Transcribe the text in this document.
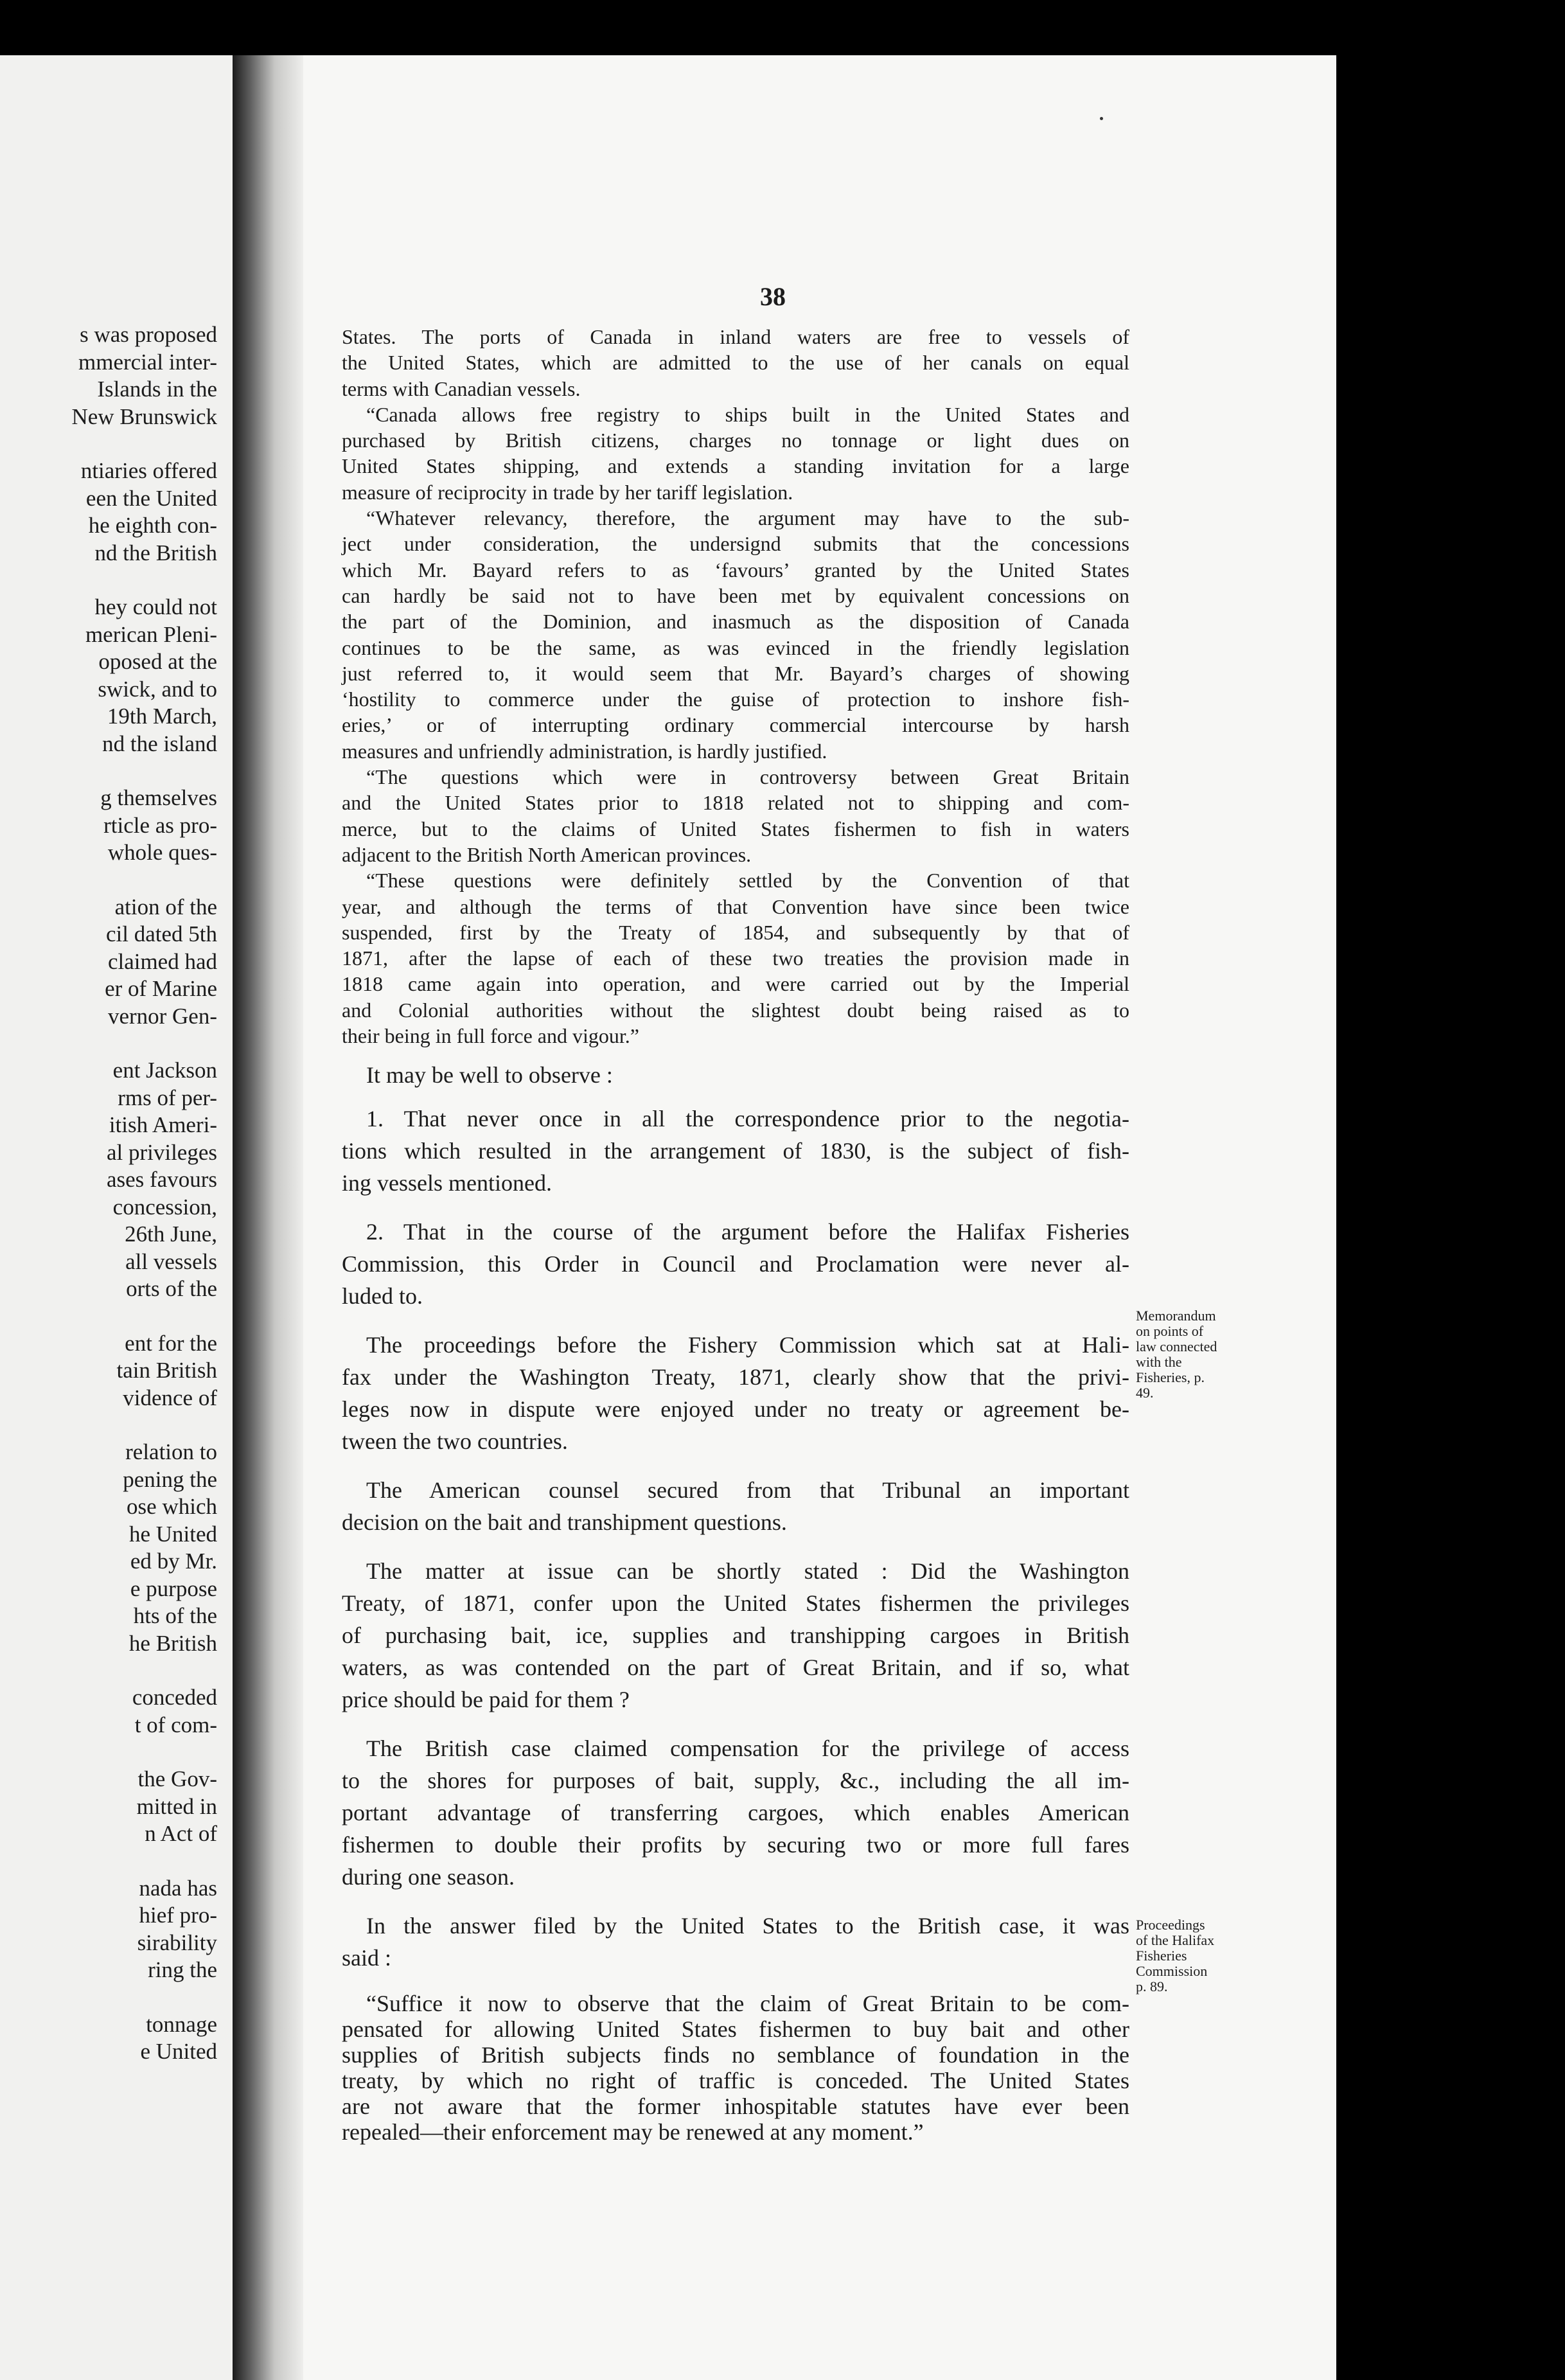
s was proposed
mmercial inter-
Islands in the
New Brunswick
ntiaries offered
een the United
he eighth con-
nd the British
hey could not
merican Pleni-
oposed at the
swick, and to
19th March,
nd the island
g themselves
rticle as pro-
whole ques-
ation of the
cil dated 5th
claimed had
er of Marine
vernor Gen-
ent Jackson
rms of per-
itish Ameri-
al privileges
ases favours
concession,
26th June,
all vessels
orts of the
ent for the
tain British
vidence of
relation to
pening the
ose which
he United
ed by Mr.
e purpose
hts of the
he British
conceded
t of com-
the Gov-
mitted in
n Act of
nada has
hief pro-
sirability
ring the
tonnage
e United
38

States. The ports of Canada in inland waters are free to vessels of
the United States, which are admitted to the use of her canals on equal
terms with Canadian vessels.

“Canada allows free registry to ships built in the United States and
purchased by British citizens, charges no tonnage or light dues on
United States shipping, and extends a standing invitation for a large
measure of reciprocity in trade by her tariff legislation.

“Whatever relevancy, therefore, the argument may have to the sub-
ject under consideration, the undersignd submits that the concessions
which Mr. Bayard refers to as ‘favours’ granted by the United States
can hardly be said not to have been met by equivalent concessions on
the part of the Dominion, and inasmuch as the disposition of Canada
continues to be the same, as was evinced in the friendly legislation
just referred to, it would seem that Mr. Bayard’s charges of showing
‘hostility to commerce under the guise of protection to inshore fish-
eries,’ or of interrupting ordinary commercial intercourse by harsh
measures and unfriendly administration, is hardly justified.

“The questions which were in controversy between Great Britain
and the United States prior to 1818 related not to shipping and com-
merce, but to the claims of United States fishermen to fish in waters
adjacent to the British North American provinces.

“These questions were definitely settled by the Convention of that
year, and although the terms of that Convention have since been twice
suspended, first by the Treaty of 1854, and subsequently by that of
1871, after the lapse of each of these two treaties the provision made in
1818 came again into operation, and were carried out by the Imperial
and Colonial authorities without the slightest doubt being raised as to
their being in full force and vigour.”

It may be well to observe :

1. That never once in all the correspondence prior to the negotia-
tions which resulted in the arrangement of 1830, is the subject of fish-
ing vessels mentioned.

2. That in the course of the argument before the Halifax Fisheries
Commission, this Order in Council and Proclamation were never al-
luded to.

The proceedings before the Fishery Commission which sat at Hali-
fax under the Washington Treaty, 1871, clearly show that the privi-
leges now in dispute were enjoyed under no treaty or agreement be-
tween the two countries.

The American counsel secured from that Tribunal an important
decision on the bait and transhipment questions.

The matter at issue can be shortly stated : Did the Washington
Treaty, of 1871, confer upon the United States fishermen the privileges
of purchasing bait, ice, supplies and transhipping cargoes in British
waters, as was contended on the part of Great Britain, and if so, what
price should be paid for them ?

The British case claimed compensation for the privilege of access
to the shores for purposes of bait, supply, &c., including the all im-
portant advantage of transferring cargoes, which enables American
fishermen to double their profits by securing two or more full fares
during one season.

In the answer filed by the United States to the British case, it was
said :

“Suffice it now to observe that the claim of Great Britain to be com-
pensated for allowing United States fishermen to buy bait and other
supplies of British subjects finds no semblance of foundation in the
treaty, by which no right of traffic is conceded. The United States
are not aware that the former inhospitable statutes have ever been
repealed—their enforcement may be renewed at any moment.”

Memorandum
on points of
law connected
with the
Fisheries, p.
49.
Proceedings
of the Halifax
Fisheries
Commission
p. 89.
